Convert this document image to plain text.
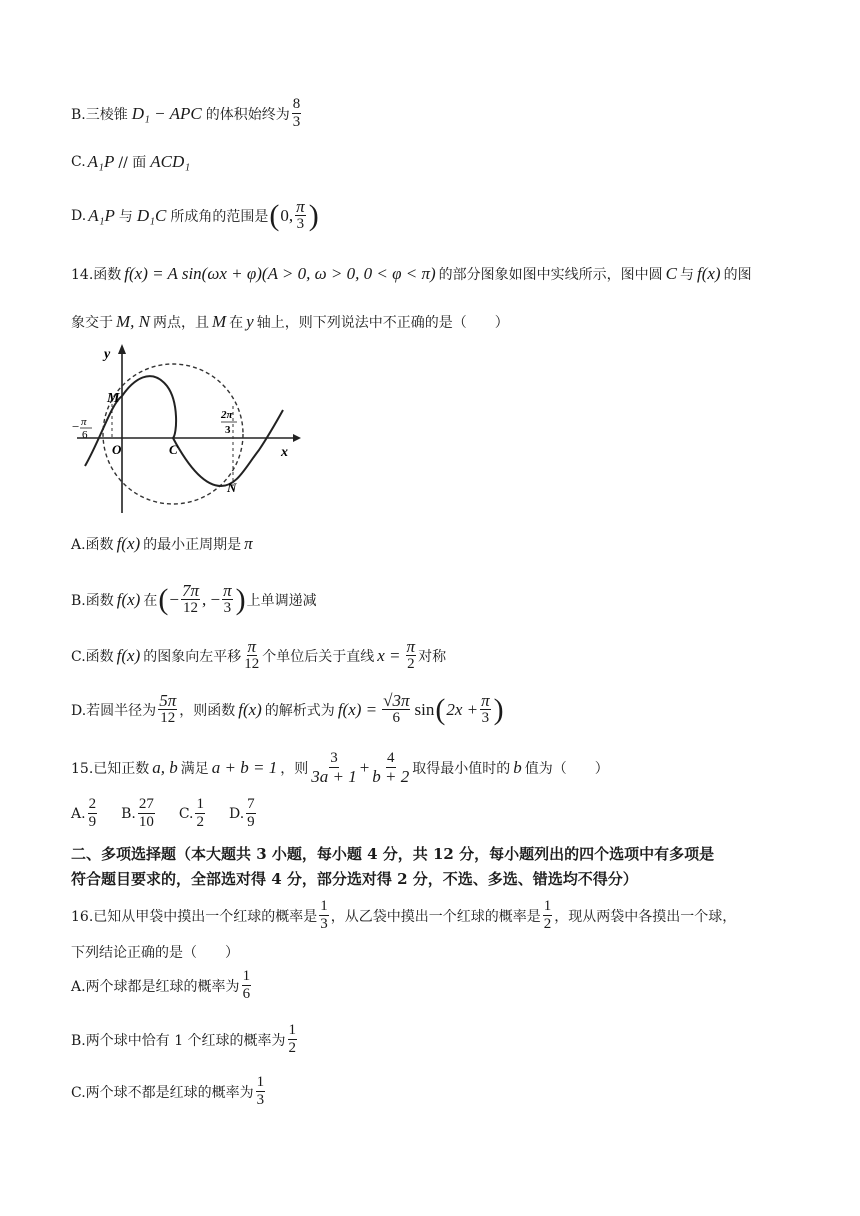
B.三棱锥 D₁ − APC 的体积始终为 $\frac{8}{3}$
C. A₁P // 面 ACD₁
D. A₁P 与 D₁C 所成角的范围是 ( 0, $\frac{\pi}{3}$ )
14.函数 f(x) = A sin(ωx + φ)(A > 0, ω > 0, 0 < φ < π) 的部分图象如图中实线所示，图中圆 C 与 f(x) 的图
象交于 M, N 两点，且 M 在 y 轴上，则下列说法中不正确的是（　　）
y
x
M
O	C
N
− π
6
2π
3
A.函数 f(x) 的最小正周期是 π
B.函数 f(x) 在 ( − $\frac{7\pi}{12}$ , − $\frac{\pi}{3}$ ) 上单调递减
C.函数 f(x) 的图象向左平移 $\frac{\pi}{12}$ 个单位后关于直线 $x = \frac{\pi}{2}$ 对称
D.若圆半径为 $\frac{5\pi}{12}$ ，则函数 f(x) 的解析式为 $f(x) = \frac{√3\pi}{6}$ sin ( $2x + \frac{\pi}{3}$ )
15.已知正数 a, b 满足 a + b = 1 ，则 $\frac{3}{3a + 1} + \frac{4}{b + 2}$ 取得最小值时的 b 值为（　　）
A. $\frac{2}{9} B$. $\frac{27}{10} C$. $\frac{1}{2} D$. $\frac{7}{9}$
二、多项选择题（本大题共 3 小题，每小题 4 分，共 12 分，每小题列出的四个选项中有多项是
符合题目要求的，全部选对得 4 分，部分选对得 2 分，不选、多选、错选均不得分）
16.已知从甲袋中摸出一个红球的概率是 $\frac{1}{3}$ ，从乙袋中摸出一个红球的概率是 $\frac{1}{2}$ ，现从两袋中各摸出一个球，
下列结论正确的是（　　）
A.两个球都是红球的概率为 $\frac{1}{6}$
B.两个球中恰有 1 个红球的概率为 $\frac{1}{2}$
C.两个球不都是红球的概率为 $\frac{1}{3}$
